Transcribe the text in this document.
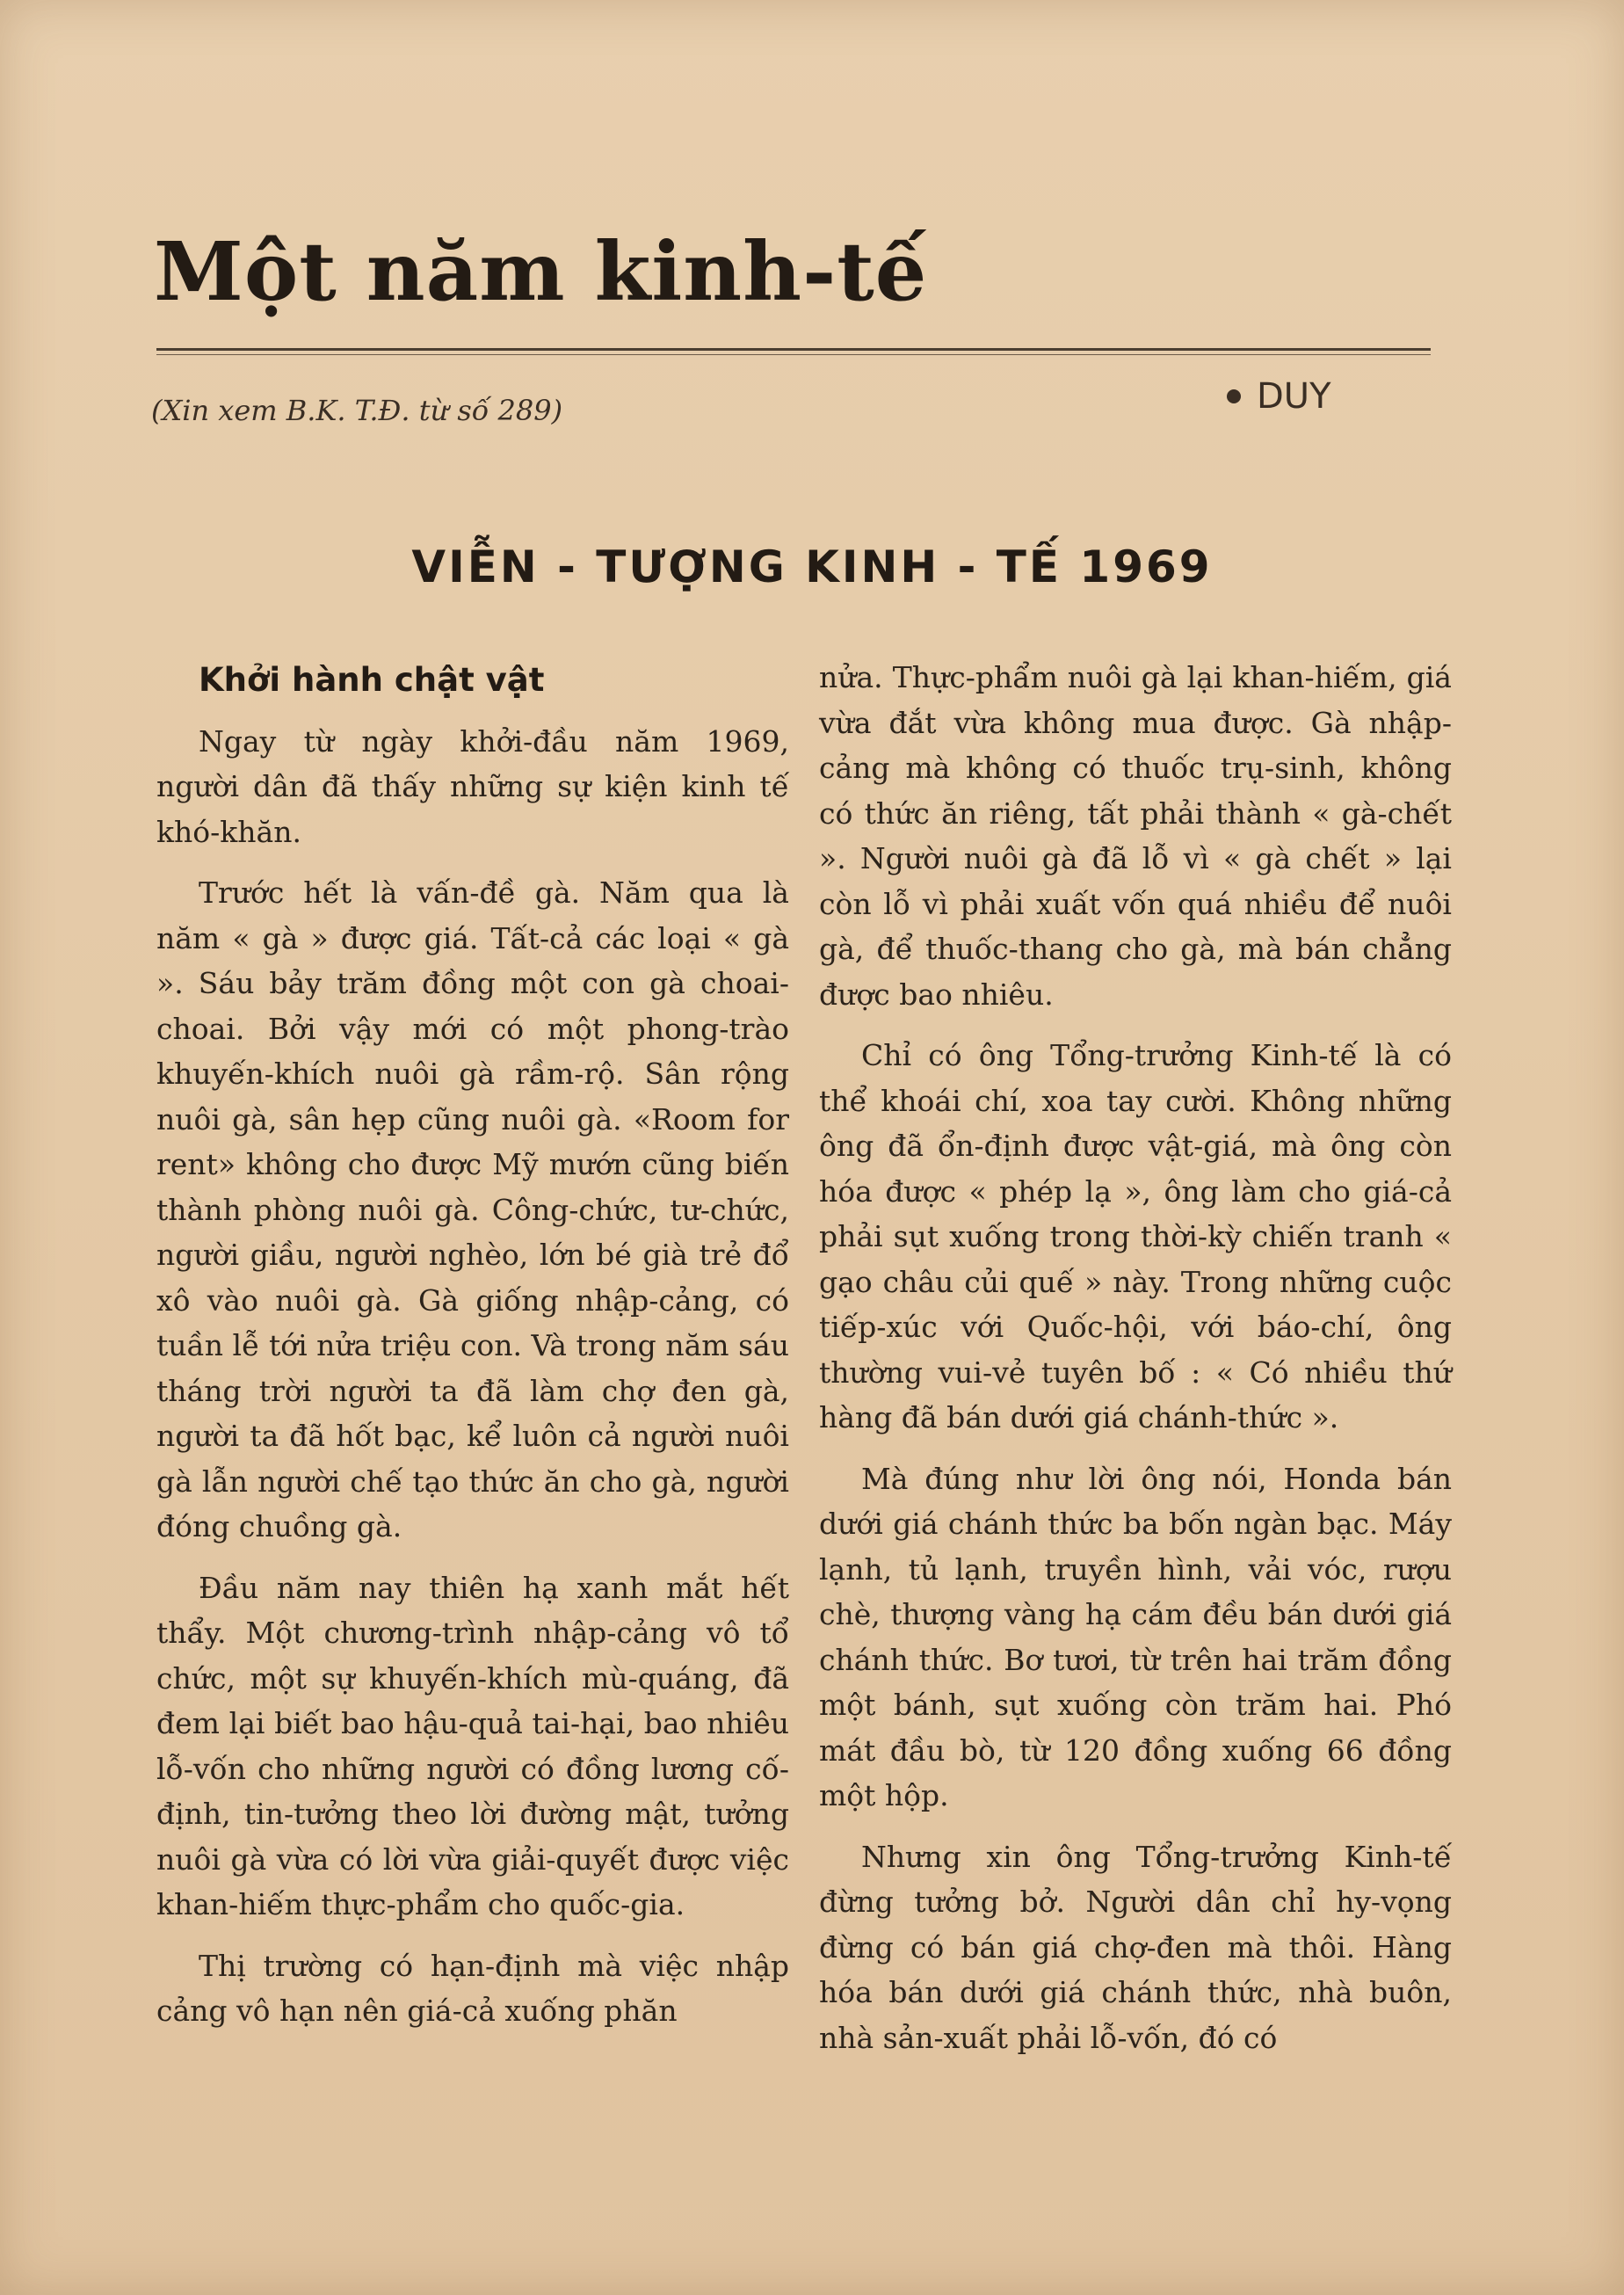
Một năm kinh-tế
(Xin xem B.K. T.Đ. từ số 289)	DUY
VIỄN - TƯỢNG KINH - TẾ 1969

Khởi hành chật vật

Ngay từ ngày khởi-đầu năm 1969, người dân đã thấy những sự kiện kinh tế khó-khăn.

Trước hết là vấn-đề gà. Năm qua là năm « gà » được giá. Tất-cả các loại « gà ». Sáu bảy trăm đồng một con gà choai-choai. Bởi vậy mới có một phong-trào khuyến-khích nuôi gà rầm-rộ. Sân rộng nuôi gà, sân hẹp cũng nuôi gà. «Room for rent» không cho được Mỹ mướn cũng biến thành phòng nuôi gà. Công-chức, tư-chức, người giầu, người nghèo, lớn bé già trẻ đổ xô vào nuôi gà. Gà giống nhập-cảng, có tuần lễ tới nửa triệu con. Và trong năm sáu tháng trời người ta đã làm chợ đen gà, người ta đã hốt bạc, kể luôn cả người nuôi gà lẫn người chế tạo thức ăn cho gà, người đóng chuồng gà.

Đầu năm nay thiên hạ xanh mắt hết thẩy. Một chương-trình nhập-cảng vô tổ chức, một sự khuyến-khích mù-quáng, đã đem lại biết bao hậu-quả tai-hại, bao nhiêu lỗ-vốn cho những người có đồng lương cố-định, tin-tưởng theo lời đường mật, tưởng nuôi gà vừa có lời vừa giải-quyết được việc khan-hiếm thực-phẩm cho quốc-gia.

Thị trường có hạn-định mà việc nhập cảng vô hạn nên giá-cả xuống phăn

nửa. Thực-phẩm nuôi gà lại khan-hiếm, giá vừa đắt vừa không mua được. Gà nhập-cảng mà không có thuốc trụ-sinh, không có thức ăn riêng, tất phải thành « gà-chết ». Người nuôi gà đã lỗ vì « gà chết » lại còn lỗ vì phải xuất vốn quá nhiều để nuôi gà, để thuốc-thang cho gà, mà bán chẳng được bao nhiêu.

Chỉ có ông Tổng-trưởng Kinh-tế là có thể khoái chí, xoa tay cười. Không những ông đã ổn-định được vật-giá, mà ông còn hóa được « phép lạ », ông làm cho giá-cả phải sụt xuống trong thời-kỳ chiến tranh « gạo châu củi quế » này. Trong những cuộc tiếp-xúc với Quốc-hội, với báo-chí, ông thường vui-vẻ tuyên bố : « Có nhiều thứ hàng đã bán dưới giá chánh-thức ».

Mà đúng như lời ông nói, Honda bán dưới giá chánh thức ba bốn ngàn bạc. Máy lạnh, tủ lạnh, truyền hình, vải vóc, rượu chè, thượng vàng hạ cám đều bán dưới giá chánh thức. Bơ tươi, từ trên hai trăm đồng một bánh, sụt xuống còn trăm hai. Phó mát đầu bò, từ 120 đồng xuống 66 đồng một hộp.

Nhưng xin ông Tổng-trưởng Kinh-tế đừng tưởng bở. Người dân chỉ hy-vọng đừng có bán giá chợ-đen mà thôi. Hàng hóa bán dưới giá chánh thức, nhà buôn, nhà sản-xuất phải lỗ-vốn, đó có
